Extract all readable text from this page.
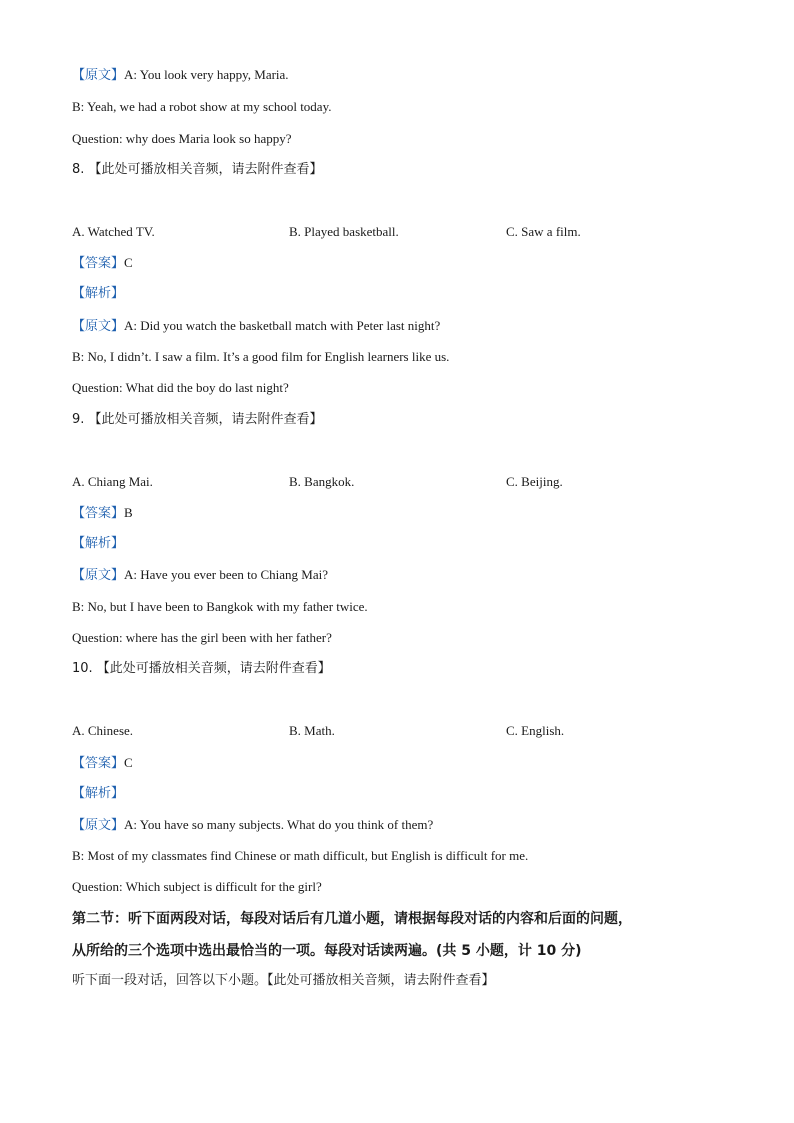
【原文】A: You look very happy, Maria.
B: Yeah, we had a robot show at my school today.
Question: why does Maria look so happy?
8. 【此处可播放相关音频，请去附件查看】
A. Watched TV.	B. Played basketball.	C. Saw a film.
【答案】C
【解析】
【原文】A: Did you watch the basketball match with Peter last night?
B: No, I didn’t. I saw a film. It’s a good film for English learners like us.
Question: What did the boy do last night?
9. 【此处可播放相关音频，请去附件查看】
A. Chiang Mai.	B. Bangkok.	C. Beijing.
【答案】B
【解析】
【原文】A: Have you ever been to Chiang Mai?
B: No, but I have been to Bangkok with my father twice.
Question: where has the girl been with her father?
10. 【此处可播放相关音频，请去附件查看】
A. Chinese.	B. Math.	C. English.
【答案】C
【解析】
【原文】A: You have so many subjects. What do you think of them?
B: Most of my classmates find Chinese or math difficult, but English is difficult for me.
Question: Which subject is difficult for the girl?
第二节：听下面两段对话，每段对话后有几道小题，请根据每段对话的内容和后面的问题，
从所给的三个选项中选出最恰当的一项。每段对话读两遍。(共 5 小题，计 10 分)
听下面一段对话，回答以下小题。【此处可播放相关音频，请去附件查看】
